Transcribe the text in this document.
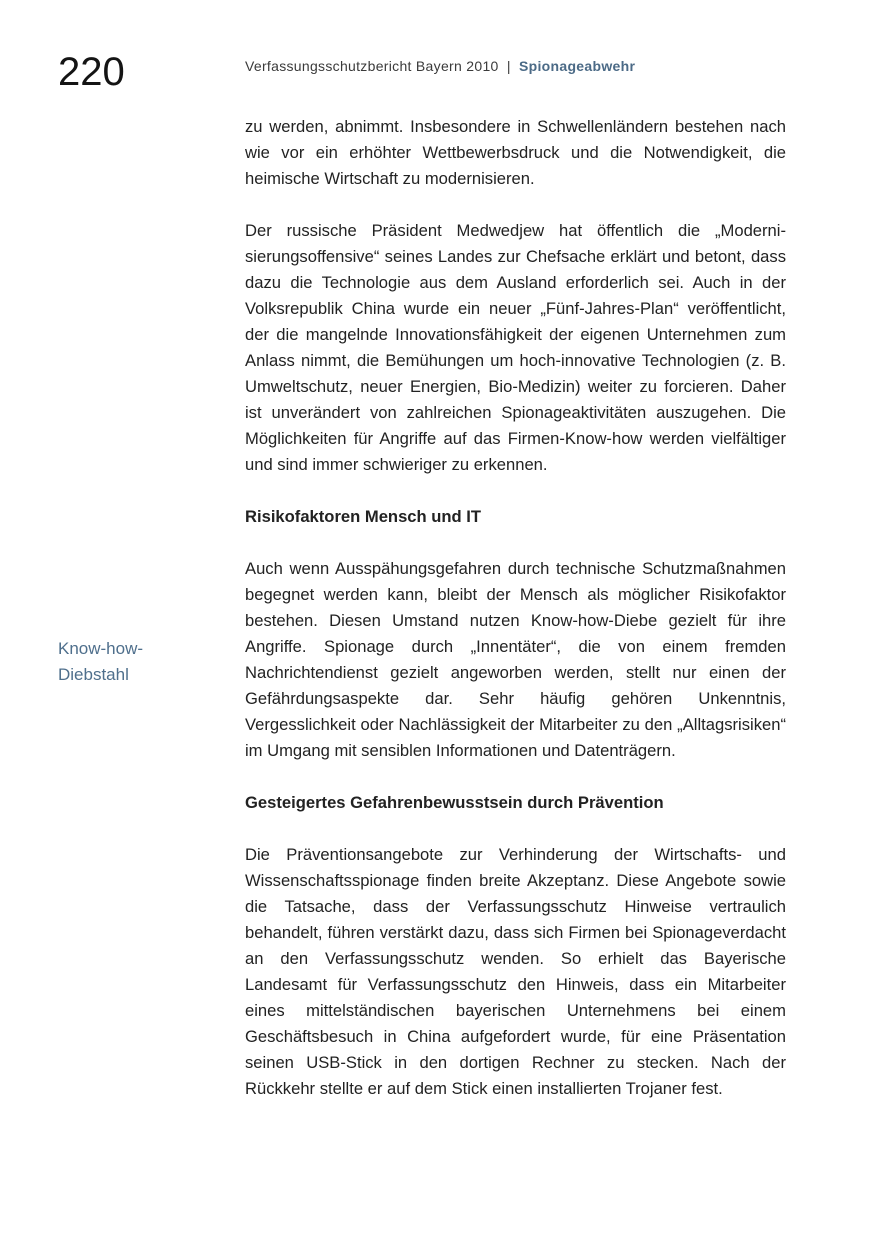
220	Verfassungsschutzbericht Bayern 2010 | Spionageabwehr
Know-how-
Diebstahl

zu werden, abnimmt. Insbesondere in Schwellenländern bestehen nach wie vor ein erhöhter Wettbewerbsdruck und die Notwendigkeit, die heimische Wirtschaft zu modernisieren.

Der russische Präsident Medwedjew hat öffentlich die „Modernisierungsoffensive“ seines Landes zur Chefsache erklärt und betont, dass dazu die Technologie aus dem Ausland erforderlich sei. Auch in der Volksrepublik China wurde ein neuer „Fünf-Jahres-Plan“ veröffentlicht, der die mangelnde Innovationsfähigkeit der eigenen Unternehmen zum Anlass nimmt, die Bemühungen um hoch-innovative Technologien (z. B. Umweltschutz, neuer Energien, Bio-Medizin) weiter zu forcieren. Daher ist unverändert von zahlreichen Spionageaktivitäten auszugehen. Die Möglichkeiten für Angriffe auf das Firmen-Know-how werden vielfältiger und sind immer schwieriger zu erkennen.

Risikofaktoren Mensch und IT

Auch wenn Ausspähungsgefahren durch technische Schutzmaßnahmen begegnet werden kann, bleibt der Mensch als möglicher Risikofaktor bestehen. Diesen Umstand nutzen Know-how-Diebe gezielt für ihre Angriffe. Spionage durch „Innentäter“, die von einem fremden Nachrichtendienst gezielt angeworben werden, stellt nur einen der Gefährdungsaspekte dar. Sehr häufig gehören Unkenntnis, Vergesslichkeit oder Nachlässigkeit der Mitarbeiter zu den „Alltagsrisiken“ im Umgang mit sensiblen Informationen und Datenträgern.

Gesteigertes Gefahrenbewusstsein durch Prävention

Die Präventionsangebote zur Verhinderung der Wirtschafts- und Wissenschaftsspionage finden breite Akzeptanz. Diese Angebote sowie die Tatsache, dass der Verfassungsschutz Hinweise vertraulich behandelt, führen verstärkt dazu, dass sich Firmen bei Spionageverdacht an den Verfassungsschutz wenden. So erhielt das Bayerische Landesamt für Verfassungsschutz den Hinweis, dass ein Mitarbeiter eines mittelständischen bayerischen Unternehmens bei einem Geschäftsbesuch in China aufgefordert wurde, für eine Präsentation seinen USB-Stick in den dortigen Rechner zu stecken. Nach der Rückkehr stellte er auf dem Stick einen installierten Trojaner fest.
